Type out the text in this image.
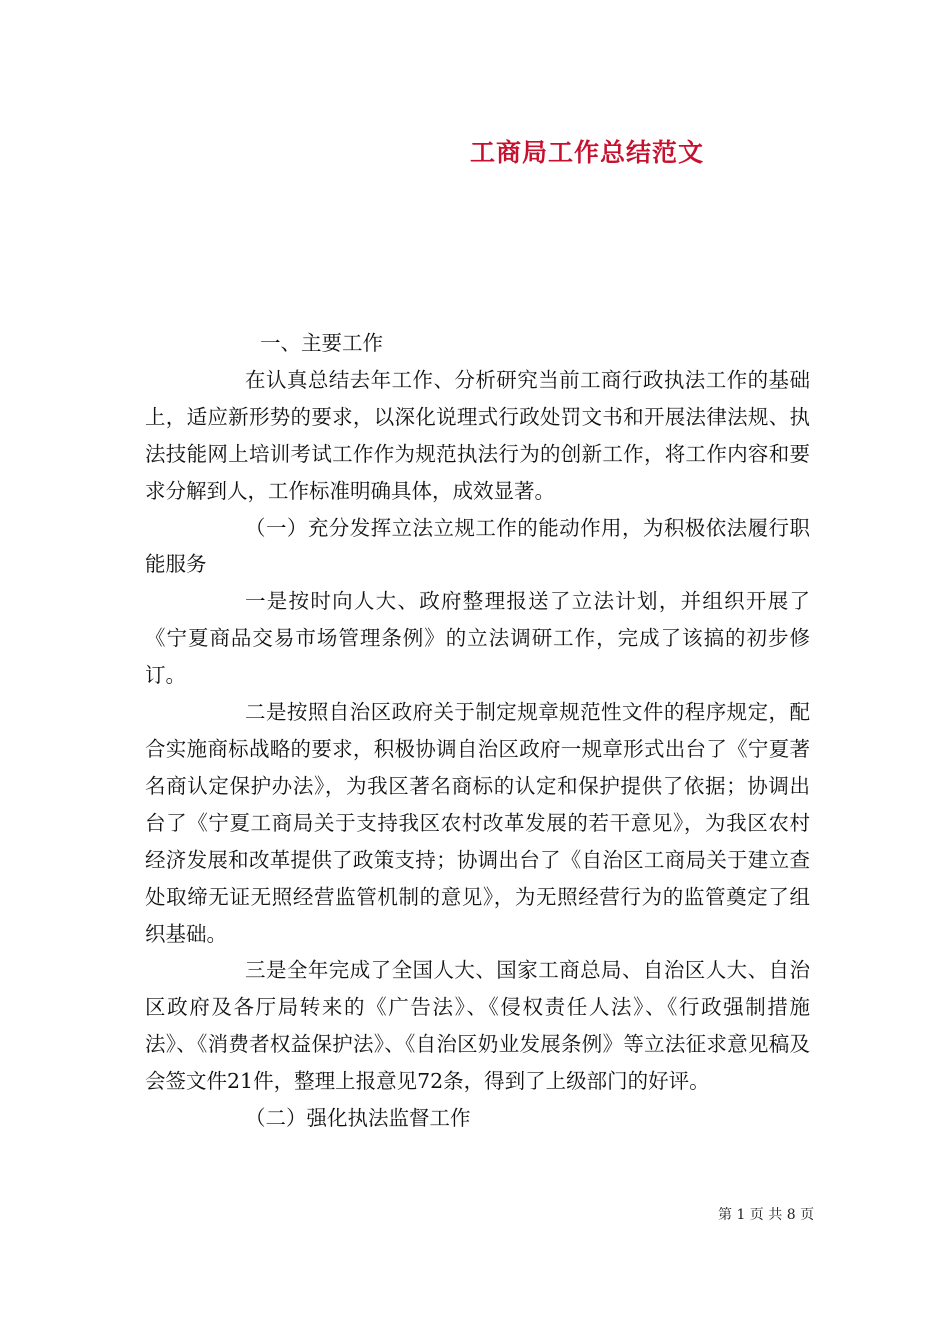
工商局工作总结范文

一、主要工作

在认真总结去年工作、分析研究当前工商行政执法工作的基础上，适应新形势的要求，以深化说理式行政处罚文书和开展法律法规、执法技能网上培训考试工作作为规范执法行为的创新工作，将工作内容和要求分解到人，工作标准明确具体，成效显著。

（一）充分发挥立法立规工作的能动作用，为积极依法履行职能服务

一是按时向人大、政府整理报送了立法计划，并组织开展了《宁夏商品交易市场管理条例》的立法调研工作，完成了该搞的初步修订。

二是按照自治区政府关于制定规章规范性文件的程序规定，配合实施商标战略的要求，积极协调自治区政府一规章形式出台了《宁夏著名商认定保护办法》，为我区著名商标的认定和保护提供了依据；协调出台了《宁夏工商局关于支持我区农村改革发展的若干意见》，为我区农村经济发展和改革提供了政策支持；协调出台了《自治区工商局关于建立查处取缔无证无照经营监管机制的意见》，为无照经营行为的监管奠定了组织基础。

三是全年完成了全国人大、国家工商总局、自治区人大、自治区政府及各厅局转来的《广告法》、《侵权责任人法》、《行政强制措施法》、《消费者权益保护法》、《自治区奶业发展条例》等立法征求意见稿及会签文件21件，整理上报意见72条，得到了上级部门的好评。

（二）强化执法监督工作

第 1 页 共 8 页
